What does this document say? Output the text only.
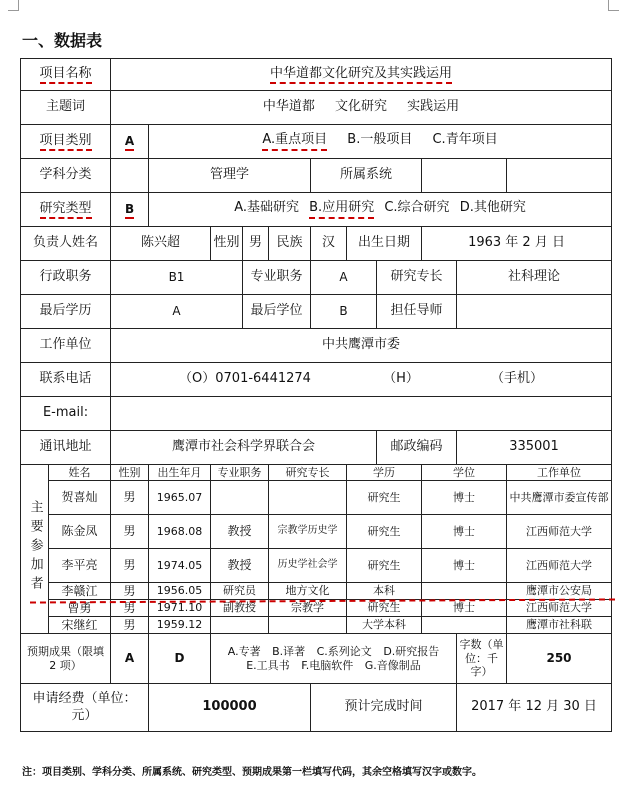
一、数据表
项目名称		中华道都文化研究及其实践运用										
主题词		中华道都 文化研究 实践运用										
项目类别		A	A.重点项目 B.一般项目 C.青年项目									
学科分类			管理学				所属系统					
研究类型		B	A.基础研究 B.应用研究 C.综合研究 D.其他研究									
负责人姓名		陈兴超		性别	男	民族	汉	出生日期		1963 年 2 月 日		
行政职务		B1			专业职务		A		研究专长		社科理论	
最后学历		A			最后学位		B		担任导师			
工作单位		中共鹰潭市委										
联系电话		（O）0701-6441274 （H） （手机）										
E-mail:												
通讯地址		鹰潭市社会科学界联合会							邮政编码		335001	
主要参加者	姓名	性别	出生年月	专业职务		研究专长		学历		学位		工作单位
	贺喜灿	男	1965.07					研究生		博士		中共鹰潭市委宣传部
	陈金凤	男	1968.08	教授		宗教学历史学		研究生		博士		江西师范大学
	李平亮	男	1974.05	教授		历史学社会学		研究生		博士		江西师范大学
	李赣江	男	1956.05	研究员		地方文化		本科				鹰潭市公安局
	曾勇	男	1971.10	副教授		宗教学		研究生		博士		江西师范大学
	宋继红	男	1959.12					大学本科				鹰潭市社科联
预期成果（限填 2 项）		A	D	A.专著 B.译著 C.系列论文 D.研究报告
E.工具书 F.电脑软件 G.音像制品							字数（单位：千字）	250
申请经费（单位：元）			100000				预计完成时间				2017 年 12 月 30 日	
注：项目类别、学科分类、所属系统、研究类型、预期成果第一栏填写代码，其余空格填写汉字或数字。
